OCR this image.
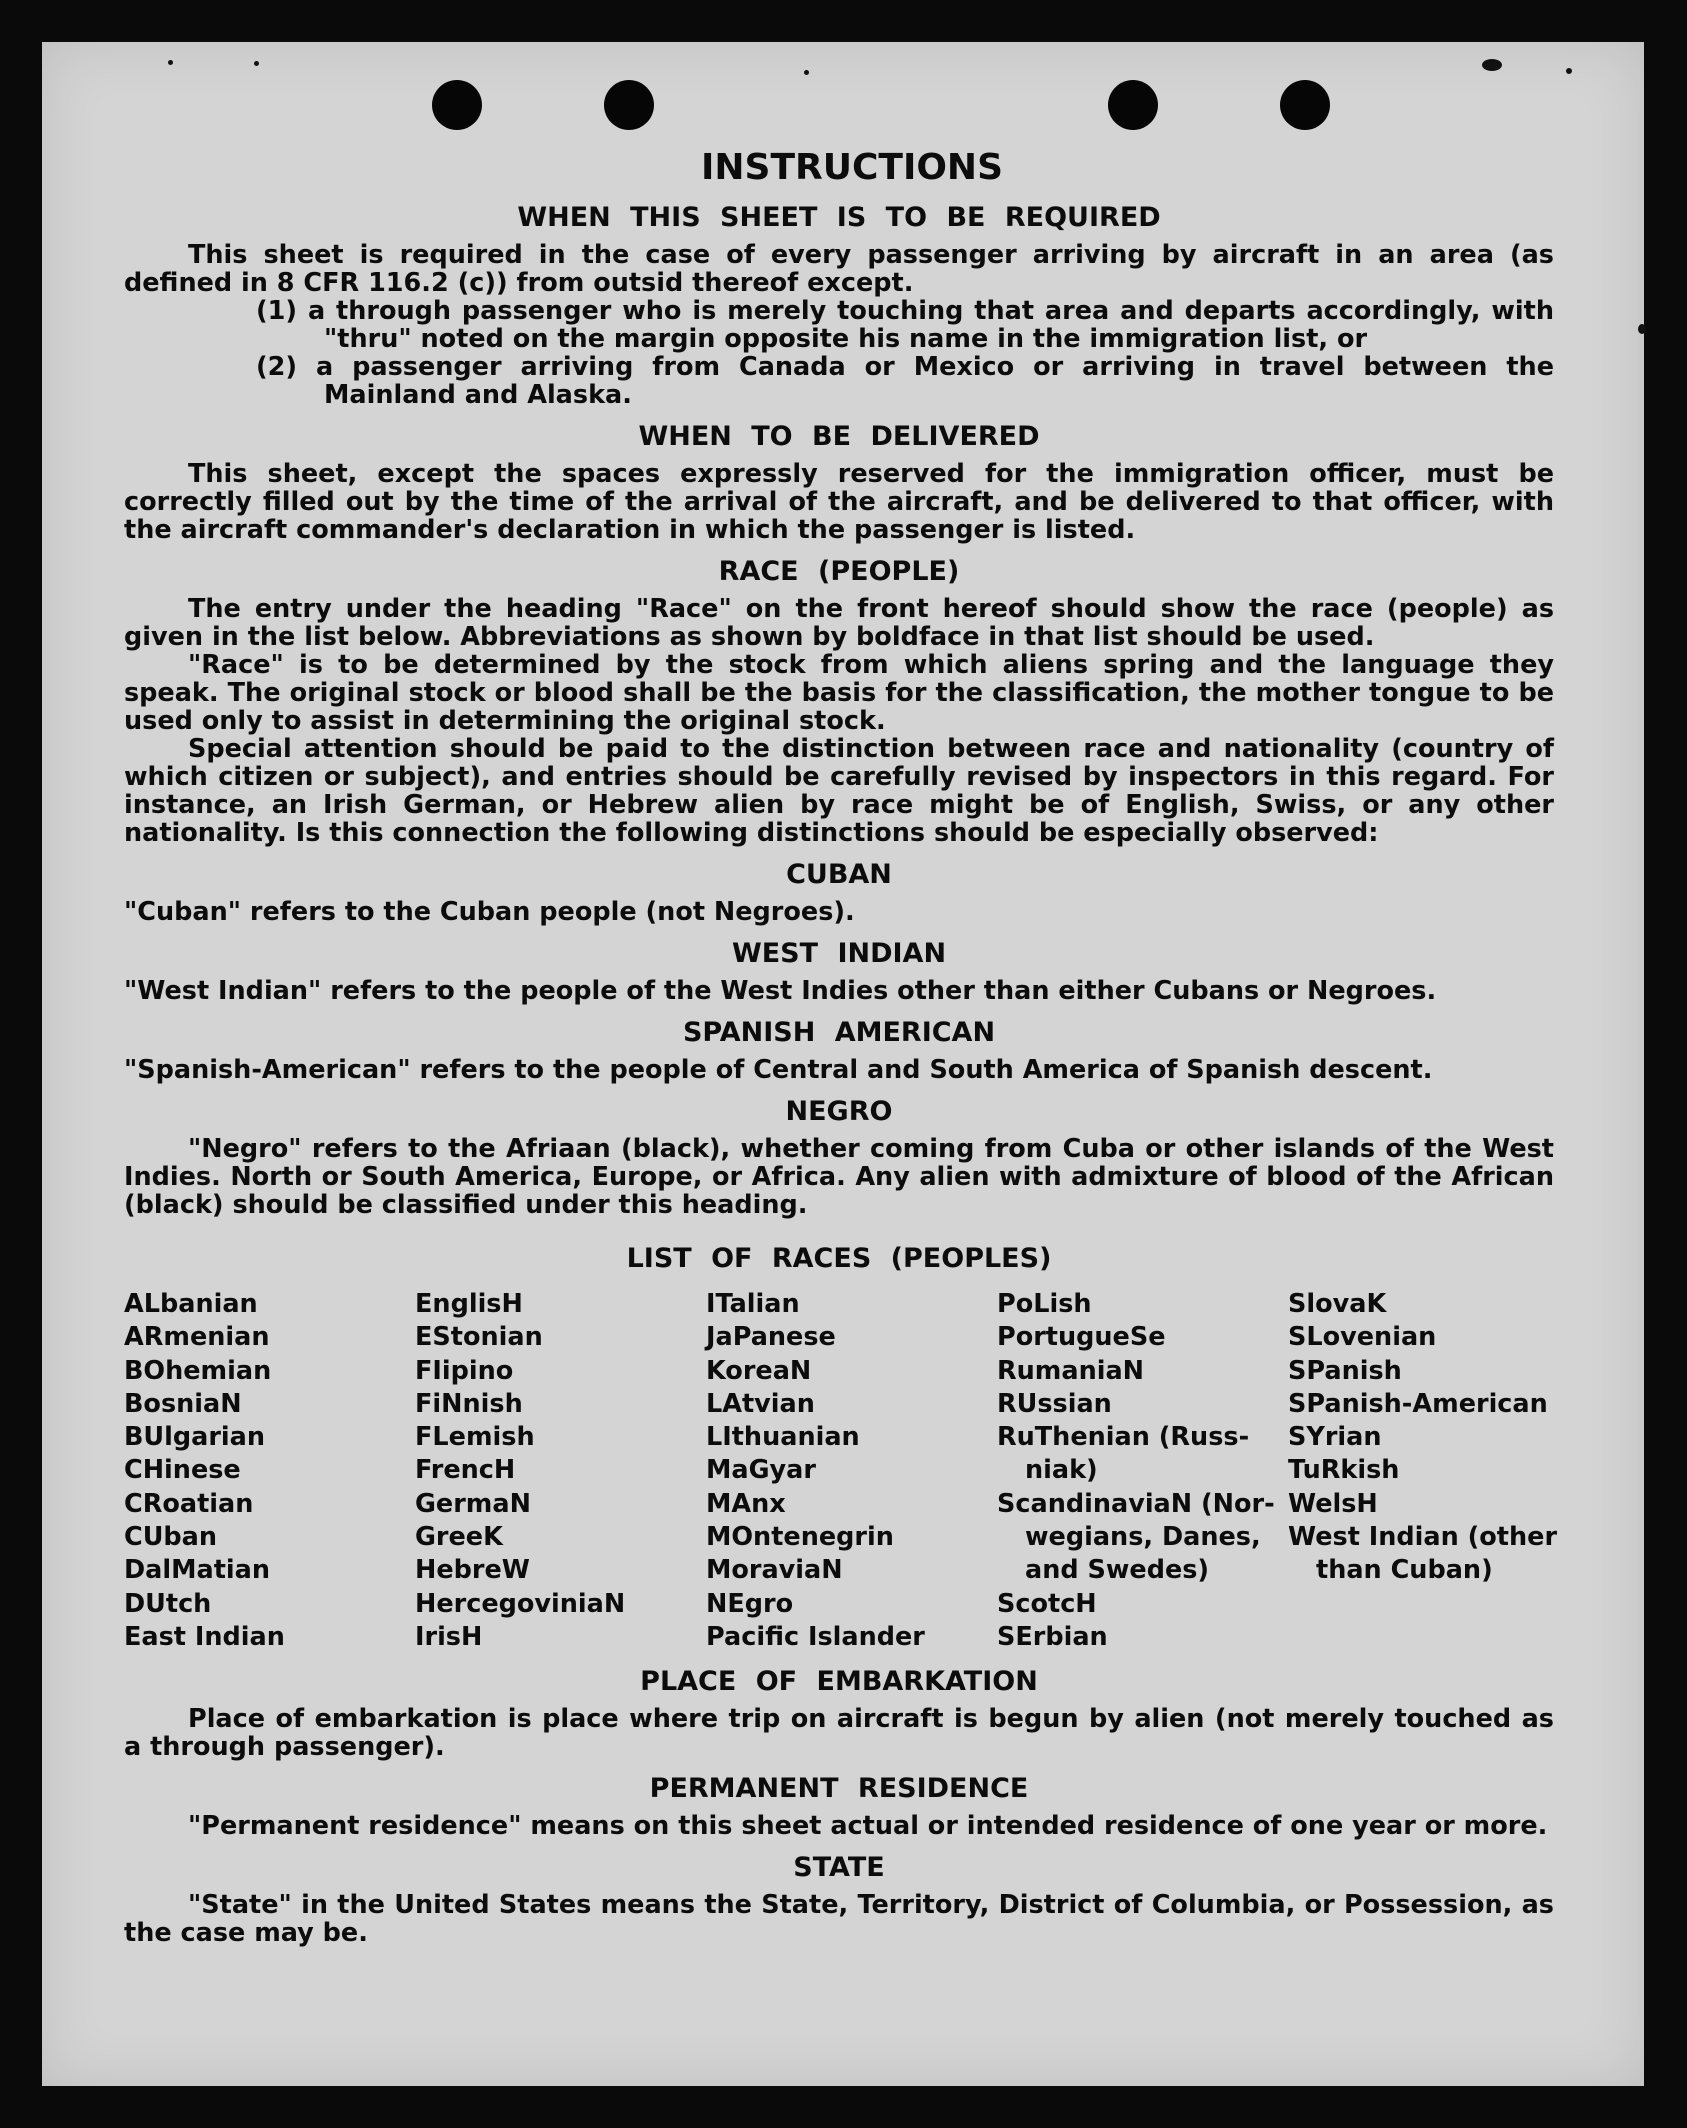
INSTRUCTIONS
WHEN THIS SHEET IS TO BE REQUIRED

This sheet is required in the case of every passenger arriving by aircraft in an area (as defined in 8 CFR 116.2 (c)) from outsid thereof except.

(1) a through passenger who is merely touching that area and departs accordingly, with "thru" noted on the margin opposite his name in the immigration list, or

(2) a passenger arriving from Canada or Mexico or arriving in travel between the Mainland and Alaska.

WHEN TO BE DELIVERED

This sheet, except the spaces expressly reserved for the immigration officer, must be correctly filled out by the time of the arrival of the aircraft, and be delivered to that officer, with the aircraft commander's declaration in which the passenger is listed.

RACE (PEOPLE)

The entry under the heading "Race" on the front hereof should show the race (people) as given in the list below. Abbreviations as shown by boldface in that list should be used.

"Race" is to be determined by the stock from which aliens spring and the language they speak. The original stock or blood shall be the basis for the classification, the mother tongue to be used only to assist in determining the original stock.

Special attention should be paid to the distinction between race and nationality (country of which citizen or subject), and entries should be carefully revised by inspectors in this regard. For instance, an Irish German, or Hebrew alien by race might be of English, Swiss, or any other nationality. Is this connection the following distinctions should be especially observed:

CUBAN

"Cuban" refers to the Cuban people (not Negroes).

WEST INDIAN

"West Indian" refers to the people of the West Indies other than either Cubans or Negroes.

SPANISH AMERICAN

"Spanish-American" refers to the people of Central and South America of Spanish descent.

NEGRO

"Negro" refers to the Afriaan (black), whether coming from Cuba or other islands of the West Indies. North or South America, Europe, or Africa. Any alien with admixture of blood of the African (black) should be classified under this heading.

LIST OF RACES (PEOPLES)
ALbanian
ARmenian
BOhemian
BosniaN
BUlgarian
CHinese
CRoatian
CUban
DalMatian
DUtch
East Indian
EnglisH
EStonian
FIipino
FiNnish
FLemish
FrencH
GermaN
GreeK
HebreW
HercegoviniaN
IrisH
ITalian
JaPanese
KoreaN
LAtvian
LIthuanian
MaGyar
MAnx
MOntenegrin
MoraviaN
NEgro
Pacific Islander
PoLish
PortugueSe
RumaniaN
RUssian
RuThenian (Russ-
niak)
ScandinaviaN (Nor-
wegians, Danes,
and Swedes)
ScotcH
SErbian
SlovaK
SLovenian
SPanish
SPanish-American
SYrian
TuRkish
WelsH
West Indian (other
than Cuban)
PLACE OF EMBARKATION

Place of embarkation is place where trip on aircraft is begun by alien (not merely touched as a through passenger).

PERMANENT RESIDENCE

"Permanent residence" means on this sheet actual or intended residence of one year or more.

STATE

"State" in the United States means the State, Territory, District of Columbia, or Possession, as the case may be.
